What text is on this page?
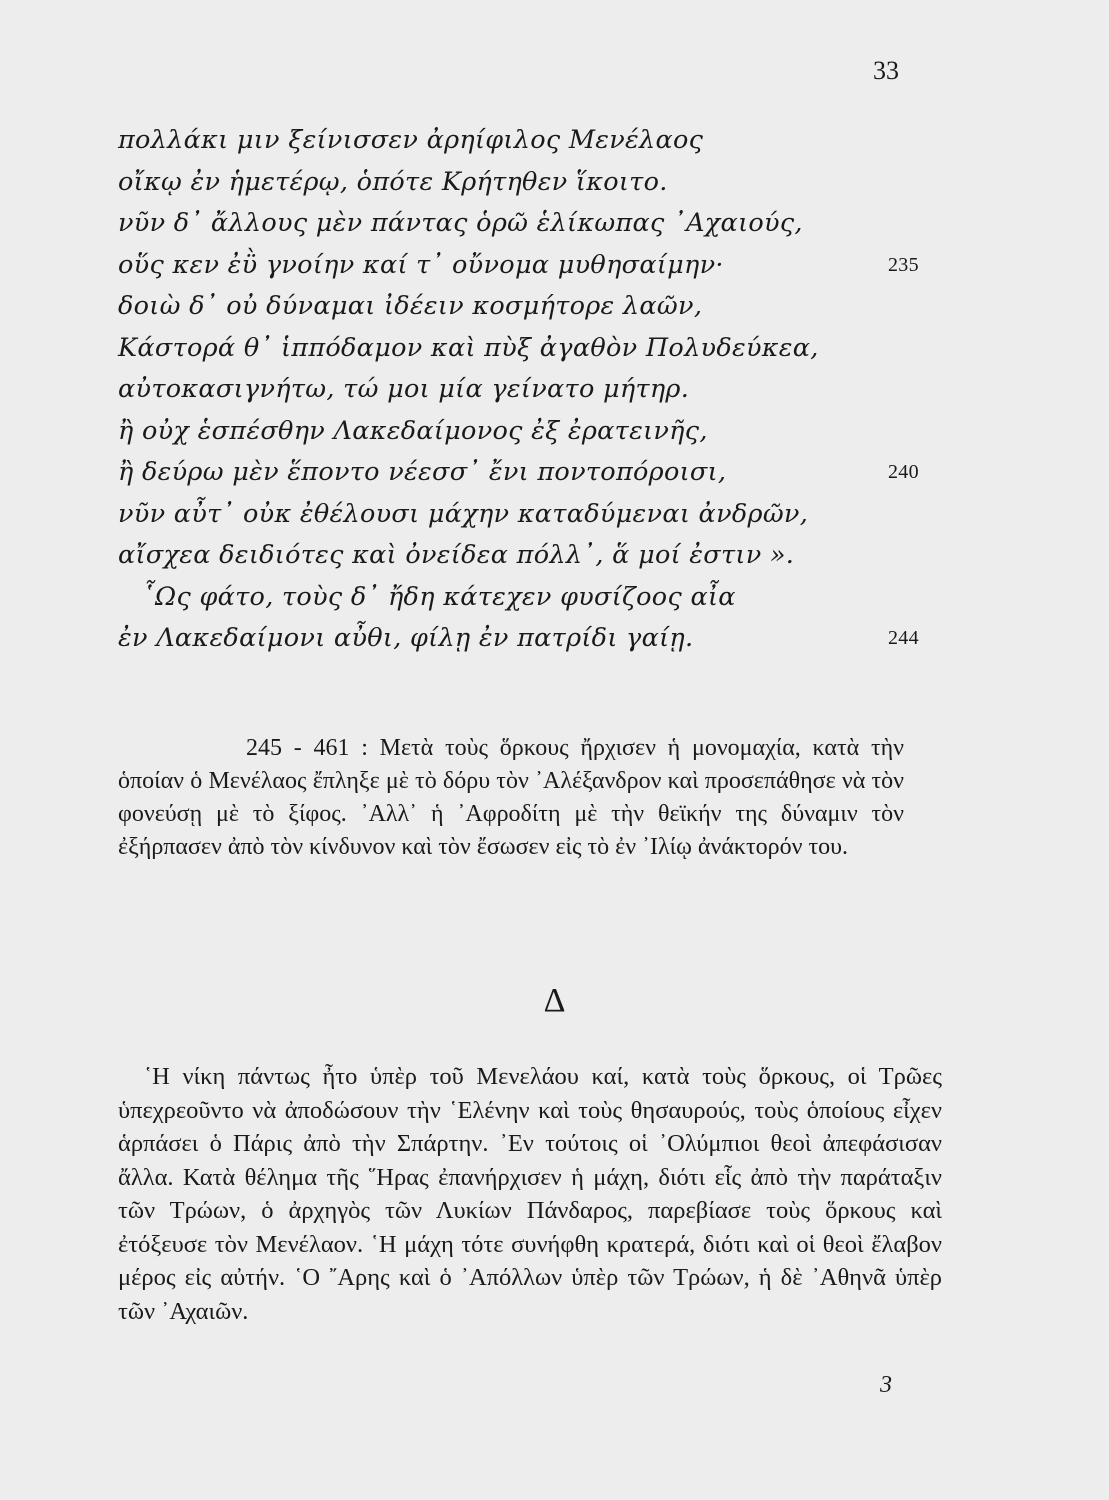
33
πολλάκι μιν ξείνισσεν ἀρηίφιλος Μενέλαος
οἴκῳ ἐν ἡμετέρῳ, ὁπότε Κρήτηθεν ἵκοιτο.
νῦν δ᾽ ἄλλους μὲν πάντας ὁρῶ ἑλίκωπας ᾽Αχαιούς,
οὕς κεν ἐῢ γνοίην καί τ᾽ οὔνομα μυθησαίμην·	235
δοιὼ δ᾽ οὐ δύναμαι ἰδέειν κοσμήτορε λαῶν,
Κάστορά θ᾽ ἱππόδαμον καὶ πὺξ ἀγαθὸν Πολυδεύκεα,
αὐτοκασιγνήτω, τώ μοι μία γείνατο μήτηρ.
ἢ οὐχ ἑσπέσθην Λακεδαίμονος ἐξ ἐρατεινῆς,
ἢ δεύρω μὲν ἕποντο νέεσσ᾽ ἔνι ποντοπόροισι,	240
νῦν αὖτ᾽ οὐκ ἐθέλουσι μάχην καταδύμεναι ἀνδρῶν,
αἴσχεα δειδιότες καὶ ὀνείδεα πόλλ᾽, ἅ μοί ἐστιν ».
῟Ως φάτο, τοὺς δ᾽ ἤδη κάτεχεν φυσίζοος αἶα
ἐν Λακεδαίμονι αὖθι, φίλῃ ἐν πατρίδι γαίῃ.	244
245 - 461 : Μετὰ τοὺς ὅρκους ἤρχισεν ἡ μονομαχία, κατὰ τὴν ὁποίαν ὁ Μενέλαος ἔπληξε μὲ τὸ δόρυ τὸν ᾽Αλέξανδρον καὶ προσεπάθησε νὰ τὸν φονεύσῃ μὲ τὸ ξίφος. ᾽Αλλ᾽ ἡ ᾽Αφροδίτη μὲ τὴν θεϊκήν της δύναμιν τὸν ἐξήρπασεν ἀπὸ τὸν κίνδυνον καὶ τὸν ἔσωσεν εἰς τὸ ἐν ᾽Ιλίῳ ἀνάκτορόν του.
Δ
῾Η νίκη πάντως ἦτο ὑπὲρ τοῦ Μενελάου καί, κατὰ τοὺς ὅρκους, οἱ Τρῶες ὑπεχρεοῦντο νὰ ἀποδώσουν τὴν ῾Ελένην καὶ τοὺς θησαυρούς, τοὺς ὁποίους εἶχεν ἁρπάσει ὁ Πάρις ἀπὸ τὴν Σπάρτην. ᾽Εν τούτοις οἱ ᾽Ολύμπιοι θεοὶ ἀπεφάσισαν ἄλλα. Κατὰ θέλημα τῆς ῞Ηρας ἐπανήρχισεν ἡ μάχη, διότι εἷς ἀπὸ τὴν παράταξιν τῶν Τρώων, ὁ ἀρχηγὸς τῶν Λυκίων Πάνδαρος, παρεβίασε τοὺς ὅρκους καὶ ἐτόξευσε τὸν Μενέλαον. ῾Η μάχη τότε συνήφθη κρατερά, διότι καὶ οἱ θεοὶ ἔλαβον μέρος εἰς αὐτήν. ῾Ο ῎Αρης καὶ ὁ ᾽Απόλλων ὑπὲρ τῶν Τρώων, ἡ δὲ ᾽Αθηνᾶ ὑπὲρ τῶν ᾽Αχαιῶν.
3
